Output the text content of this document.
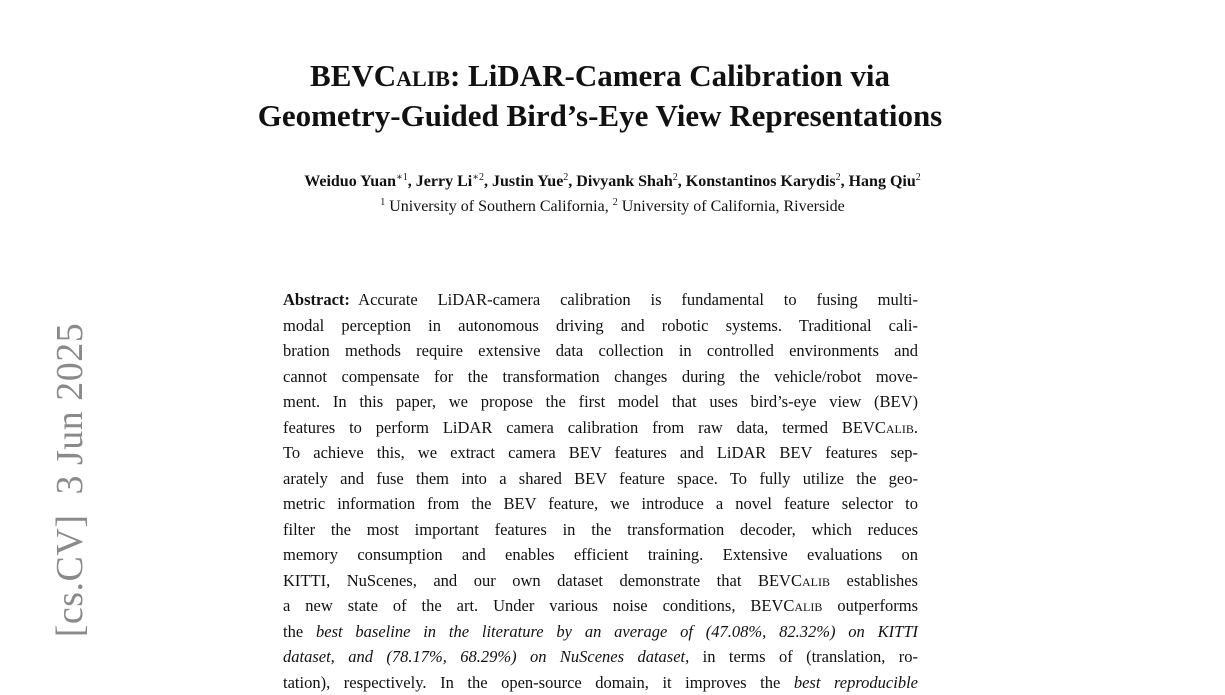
BEVCalib: LiDAR-Camera Calibration via
Geometry-Guided Bird’s-Eye View Representations
Weiduo Yuan$^{∗1}$, Jerry $Li^{∗2}$, Justin Yue$^2$, Divyank Shah$^2$, Konstantinos Karydis$^2$, Hang Qiu$^2$
$^1$ University of Southern California, $^2$ University of California, Riverside
Abstract:  Accurate LiDAR-camera calibration is fundamental to fusing multi-
modal perception in autonomous driving and robotic systems. Traditional cali-
bration methods require extensive data collection in controlled environments and
cannot compensate for the transformation changes during the vehicle/robot move-
ment. In this paper, we propose the first model that uses bird’s-eye view (BEV)
features to perform LiDAR camera calibration from raw data, termed BEVCalib.
To achieve this, we extract camera BEV features and LiDAR BEV features sep-
arately and fuse them into a shared BEV feature space. To fully utilize the geo-
metric information from the BEV feature, we introduce a novel feature selector to
filter the most important features in the transformation decoder, which reduces
memory consumption and enables efficient training. Extensive evaluations on
KITTI, NuScenes, and our own dataset demonstrate that BEVCalib establishes
a new state of the art. Under various noise conditions, BEVCalib outperforms
the best baseline in the literature by an average of (47.08%, 82.32%) on KITTI
dataset, and (78.17%, 68.29%) on NuScenes dataset, in terms of (translation, ro-
tation), respectively. In the open-source domain, it improves the best reproducible
[cs.CV]  3 Jun 2025
